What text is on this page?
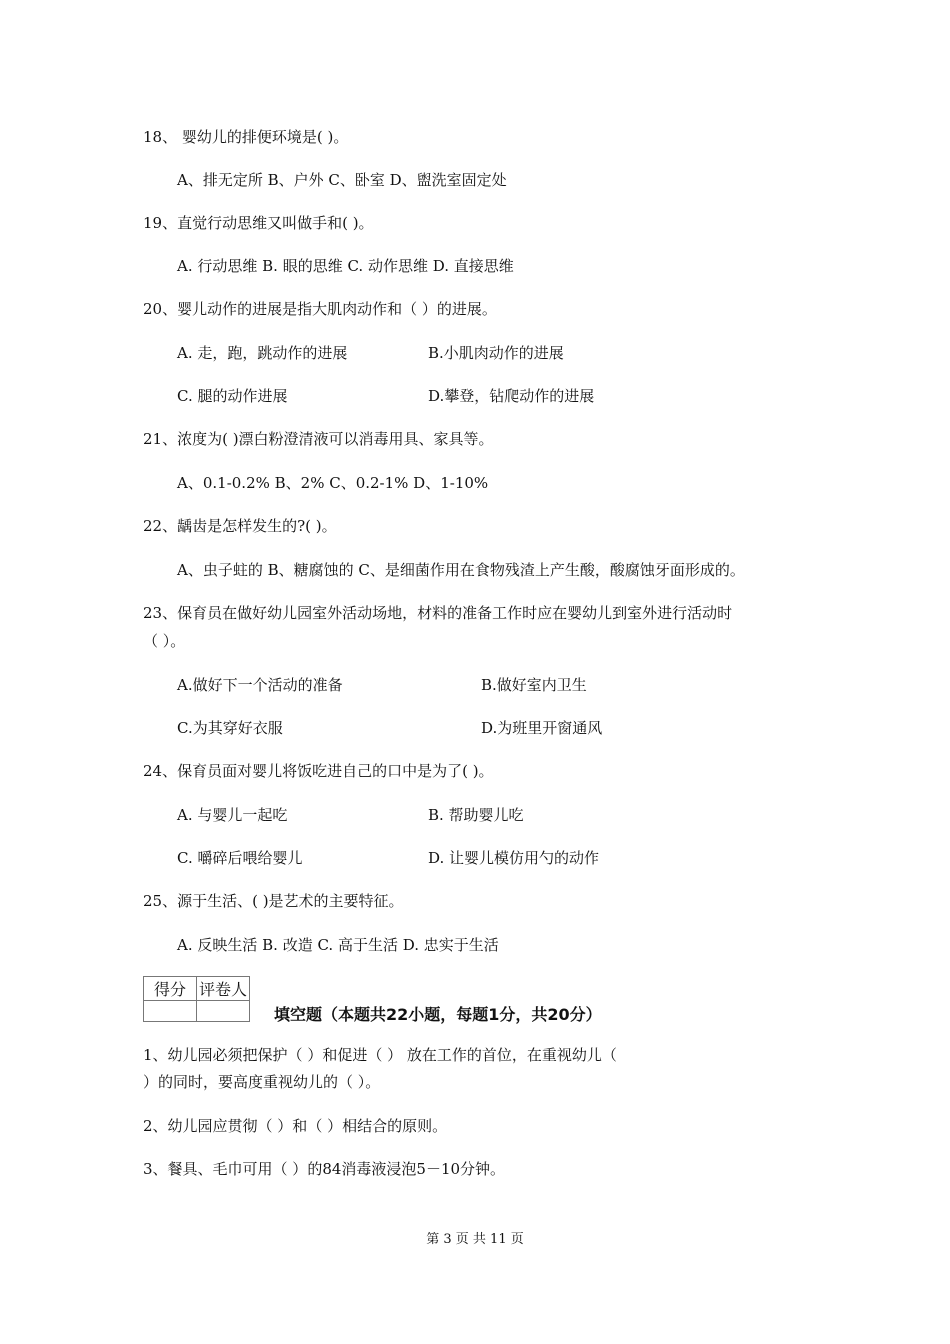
18、 婴幼儿的排便环境是( )。
A、排无定所 B、户外 C、卧室 D、盥洗室固定处
19、直觉行动思维又叫做手和( )。
A. 行动思维 B. 眼的思维 C. 动作思维 D. 直接思维
20、婴儿动作的进展是指大肌肉动作和（ ）的进展。
A. 走，跑，跳动作的进展	B.小肌肉动作的进展
C. 腿的动作进展	D.攀登，钻爬动作的进展
21、浓度为( )漂白粉澄清液可以消毒用具、家具等。
A、0.1-0.2% B、2% C、0.2-1% D、1-10%
22、龋齿是怎样发生的?( )。
A、虫子蛀的 B、糖腐蚀的 C、是细菌作用在食物残渣上产生酸，酸腐蚀牙面形成的。
23、保育员在做好幼儿园室外活动场地，材料的准备工作时应在婴幼儿到室外进行活动时
（ ）。
A.做好下一个活动的准备	B.做好室内卫生
C.为其穿好衣服	D.为班里开窗通风
24、保育员面对婴儿将饭吃进自己的口中是为了( )。
A. 与婴儿一起吃	B. 帮助婴儿吃
C. 嚼碎后喂给婴儿	D. 让婴儿模仿用勺的动作
25、源于生活、( )是艺术的主要特征。
A. 反映生活 B. 改造 C. 高于生活 D. 忠实于生活
得分	评卷人

填空题（本题共22小题，每题1分，共20分）
1、幼儿园必须把保护（ ）和促进（ ） 放在工作的首位，在重视幼儿（
）的同时，要高度重视幼儿的（ ）。
2、幼儿园应贯彻（ ）和（ ）相结合的原则。
3、餐具、毛巾可用（ ）的84消毒液浸泡5－10分钟。
第 3 页 共 11 页
